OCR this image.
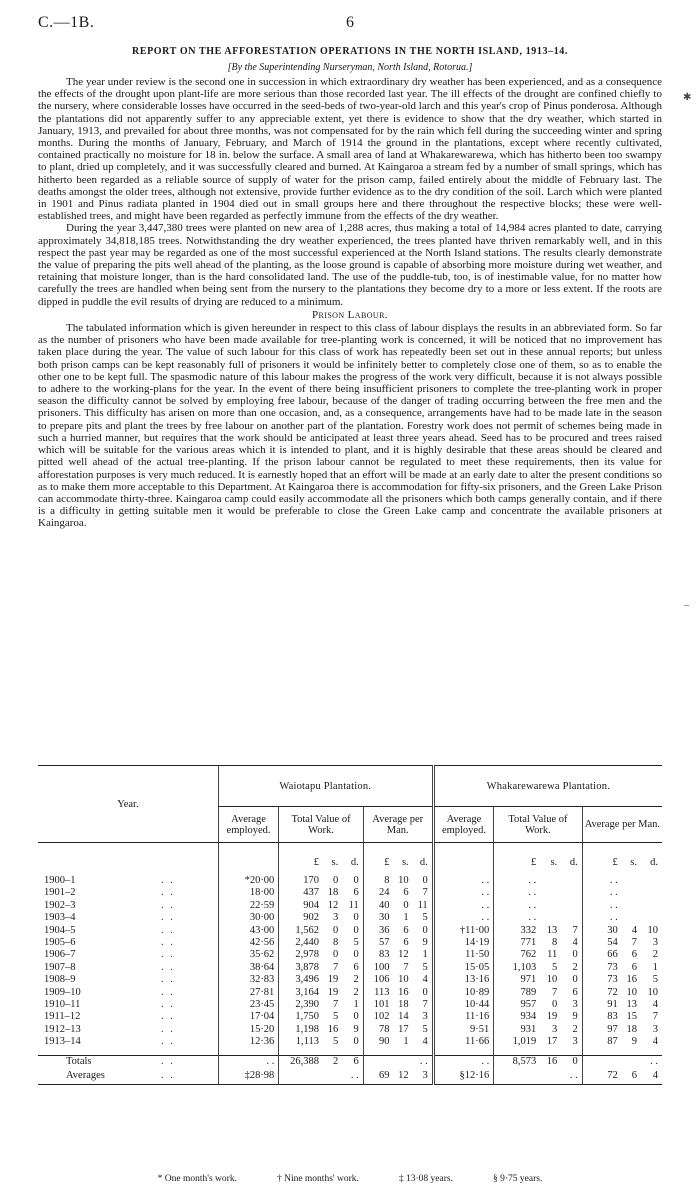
C.—1B.	6
REPORT ON THE AFFORESTATION OPERATIONS IN THE NORTH ISLAND, 1913–14.
[By the Superintending Nurseryman, North Island, Rotorua.]
✱
–

The year under review is the second one in succession in which extraordinary dry weather has been experienced, and as a consequence the effects of the drought upon plant-life are more serious than those recorded last year. The ill effects of the drought are confined chiefly to the nursery, where considerable losses have occurred in the seed-beds of two-year-old larch and this year's crop of Pinus ponderosa. Although the plantations did not apparently suffer to any appreciable extent, yet there is evidence to show that the dry weather, which started in January, 1913, and prevailed for about three months, was not compensated for by the rain which fell during the succeeding winter and spring months. During the months of January, February, and March of 1914 the ground in the plantations, except where recently cultivated, contained practically no moisture for 18 in. below the surface. A small area of land at Whakarewarewa, which has hitherto been too swampy to plant, dried up completely, and it was successfully cleared and burned. At Kaingaroa a stream fed by a number of small springs, which has hitherto been regarded as a reliable source of supply of water for the prison camp, failed entirely about the middle of February last. The deaths amongst the older trees, although not extensive, provide further evidence as to the dry condition of the soil. Larch which were planted in 1901 and Pinus radiata planted in 1904 died out in small groups here and there throughout the respective blocks; these were well-established trees, and might have been regarded as perfectly immune from the effects of the dry weather.

During the year 3,447,380 trees were planted on new area of 1,288 acres, thus making a total of 14,984 acres planted to date, carrying approximately 34,818,185 trees. Notwithstanding the dry weather experienced, the trees planted have thriven remarkably well, and in this respect the past year may be regarded as one of the most successful experienced at the North Island stations. The results clearly demonstrate the value of preparing the pits well ahead of the planting, as the loose ground is capable of absorbing more moisture during wet weather, and retaining that moisture longer, than is the hard consolidated land. The use of the puddle-tub, too, is of inestimable value, for no matter how carefully the trees are handled when being sent from the nursery to the plantations they become dry to a more or less extent. If the roots are dipped in puddle the evil results of drying are reduced to a minimum.

Prison Labour.

The tabulated information which is given hereunder in respect to this class of labour displays the results in an abbreviated form. So far as the number of prisoners who have been made available for tree-planting work is concerned, it will be noticed that no improvement has taken place during the year. The value of such labour for this class of work has repeatedly been set out in these annual reports; but unless both prison camps can be kept reasonably full of prisoners it would be infinitely better to completely close one of them, so as to enable the other one to be kept full. The spasmodic nature of this labour makes the progress of the work very difficult, because it is not always possible to adhere to the working-plans for the year. In the event of there being insufficient prisoners to complete the tree-planting work in proper season the difficulty cannot be solved by employing free labour, because of the danger of trading occurring between the free men and the prisoners. This difficulty has arisen on more than one occasion, and, as a consequence, arrangements have had to be made late in the season to prepare pits and plant the trees by free labour on another part of the plantation. Forestry work does not permit of schemes being made in such a hurried manner, but requires that the work should be anticipated at least three years ahead. Seed has to be procured and trees raised which will be suitable for the various areas which it is intended to plant, and it is highly desirable that these areas should be cleared and pitted well ahead of the actual tree-planting. If the prison labour cannot be regulated to meet these requirements, then its value for afforestation purposes is very much reduced. It is earnestly hoped that an effort will be made at an early date to alter the present conditions so as to make them more acceptable to this Department. At Kaingaroa there is accommodation for fifty-six prisoners, and the Green Lake Prison can accommodate thirty-three. Kaingaroa camp could easily accommodate all the prisoners which both camps generally contain, and if there is a difficulty in getting suitable men it would be preferable to close the Green Lake camp and concentrate the available prisoners at Kaingaroa.

Year.		Waiotapu Plantation.							Whakarewarewa Plantation.						
		Average employed.	Total Value of Work.			Average per Man.			Average employed.	Total Value of Work.			Average per Man.		
			£	s.	d.	£	s.	d.		£	s.	d.	£	s.	d.
1900–1	. .	*20·00	170	0	0	8	10	0	. .	. .			. .		
1901–2	. .	18·00	437	18	6	24	6	7	. .	. .			. .		
1902–3	. .	22·59	904	12	11	40	0	11	. .	. .			. .		
1903–4	. .	30·00	902	3	0	30	1	5	. .	. .			. .		
1904–5	. .	43·00	1,562	0	0	36	6	0	†11·00	332	13	7	30	4	10
1905–6	. .	42·56	2,440	8	5	57	6	9	14·19	771	8	4	54	7	3
1906–7	. .	35·62	2,978	0	0	83	12	1	11·50	762	11	0	66	6	2
1907–8	. .	38·64	3,878	7	6	100	7	5	15·05	1,103	5	2	73	6	1
1908–9	. .	32·83	3,496	19	2	106	10	4	13·16	971	10	0	73	16	5
1909–10	. .	27·81	3,164	19	2	113	16	0	10·89	789	7	6	72	10	10
1910–11	. .	23·45	2,390	7	1	101	18	7	10·44	957	0	3	91	13	4
1911–12	. .	17·04	1,750	5	0	102	14	3	11·16	934	19	9	83	15	7
1912–13	. .	15·20	1,198	16	9	78	17	5	9·51	931	3	2	97	18	3
1913–14	. .	12·36	1,113	5	0	90	1	4	11·66	1,019	17	3	87	9	4

Totals	. .	. .	26,388	2	6	. .			. .	8,573	16	0	. .		
Averages	. .	‡28·98	. .			69	12	3	§12·16	. .			72	6	4
* One month's work.	† Nine months' work.	‡ 13·08 years.	§ 9·75 years.
